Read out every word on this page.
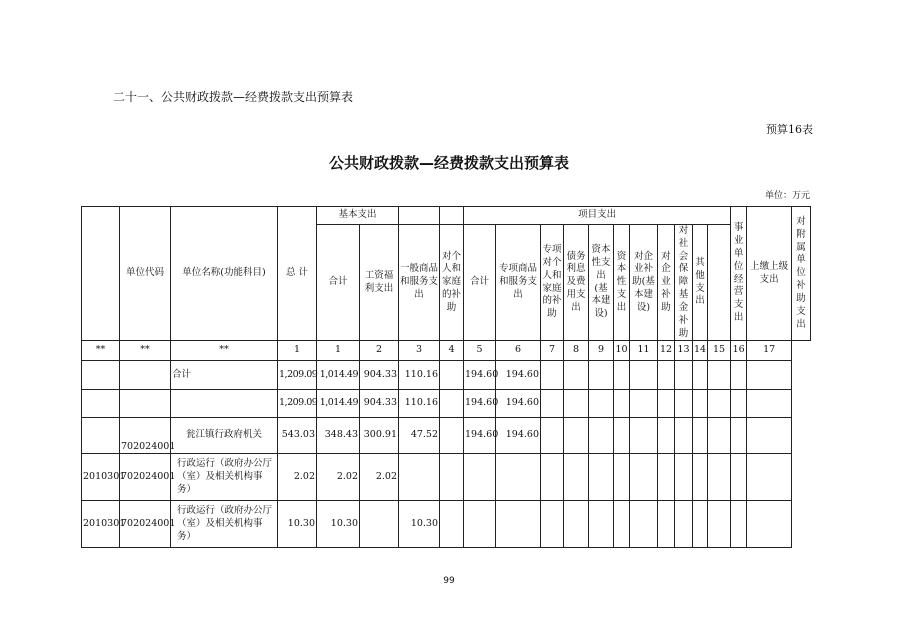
二十一、公共财政拨款—经费拨款支出预算表
预算16表
公共财政拨款—经费拨款支出预算表
单位：万元
	单位代码	单位名称(功能科目)	总 计	基本支出				项目支出											事业单位经营支出	上缴上级支出	对附属单位补助支出
				合计	工资福利支出	一般商品和服务支出	对个人和家庭的补助	合计	专项商品和服务支出	专项对个人和家庭的补助	债务利息及费用支出	资本性支出(基本建设)	资本性支出	对企业补助(基本建设)	对企业补助	对社会保障基金补助	其他支出				
**	**	**	1	1	2	3	4	5	6	7	8	9	10	11	12	13	14	15	16	17	
		合计	1,209.09	1,014.49	904.33	110.16		194.60	194.60												
			1,209.09	1,014.49	904.33	110.16		194.60	194.60												
	702024001	瓮江镇行政府机关	543.03	348.43	300.91	47.52		194.60	194.60												
2010301	702024001	行政运行（政府办公厅（室）及相关机构事务）	2.02	2.02	2.02																
2010301	702024001	行政运行（政府办公厅（室）及相关机构事务）	10.30	10.30		10.30															
99
